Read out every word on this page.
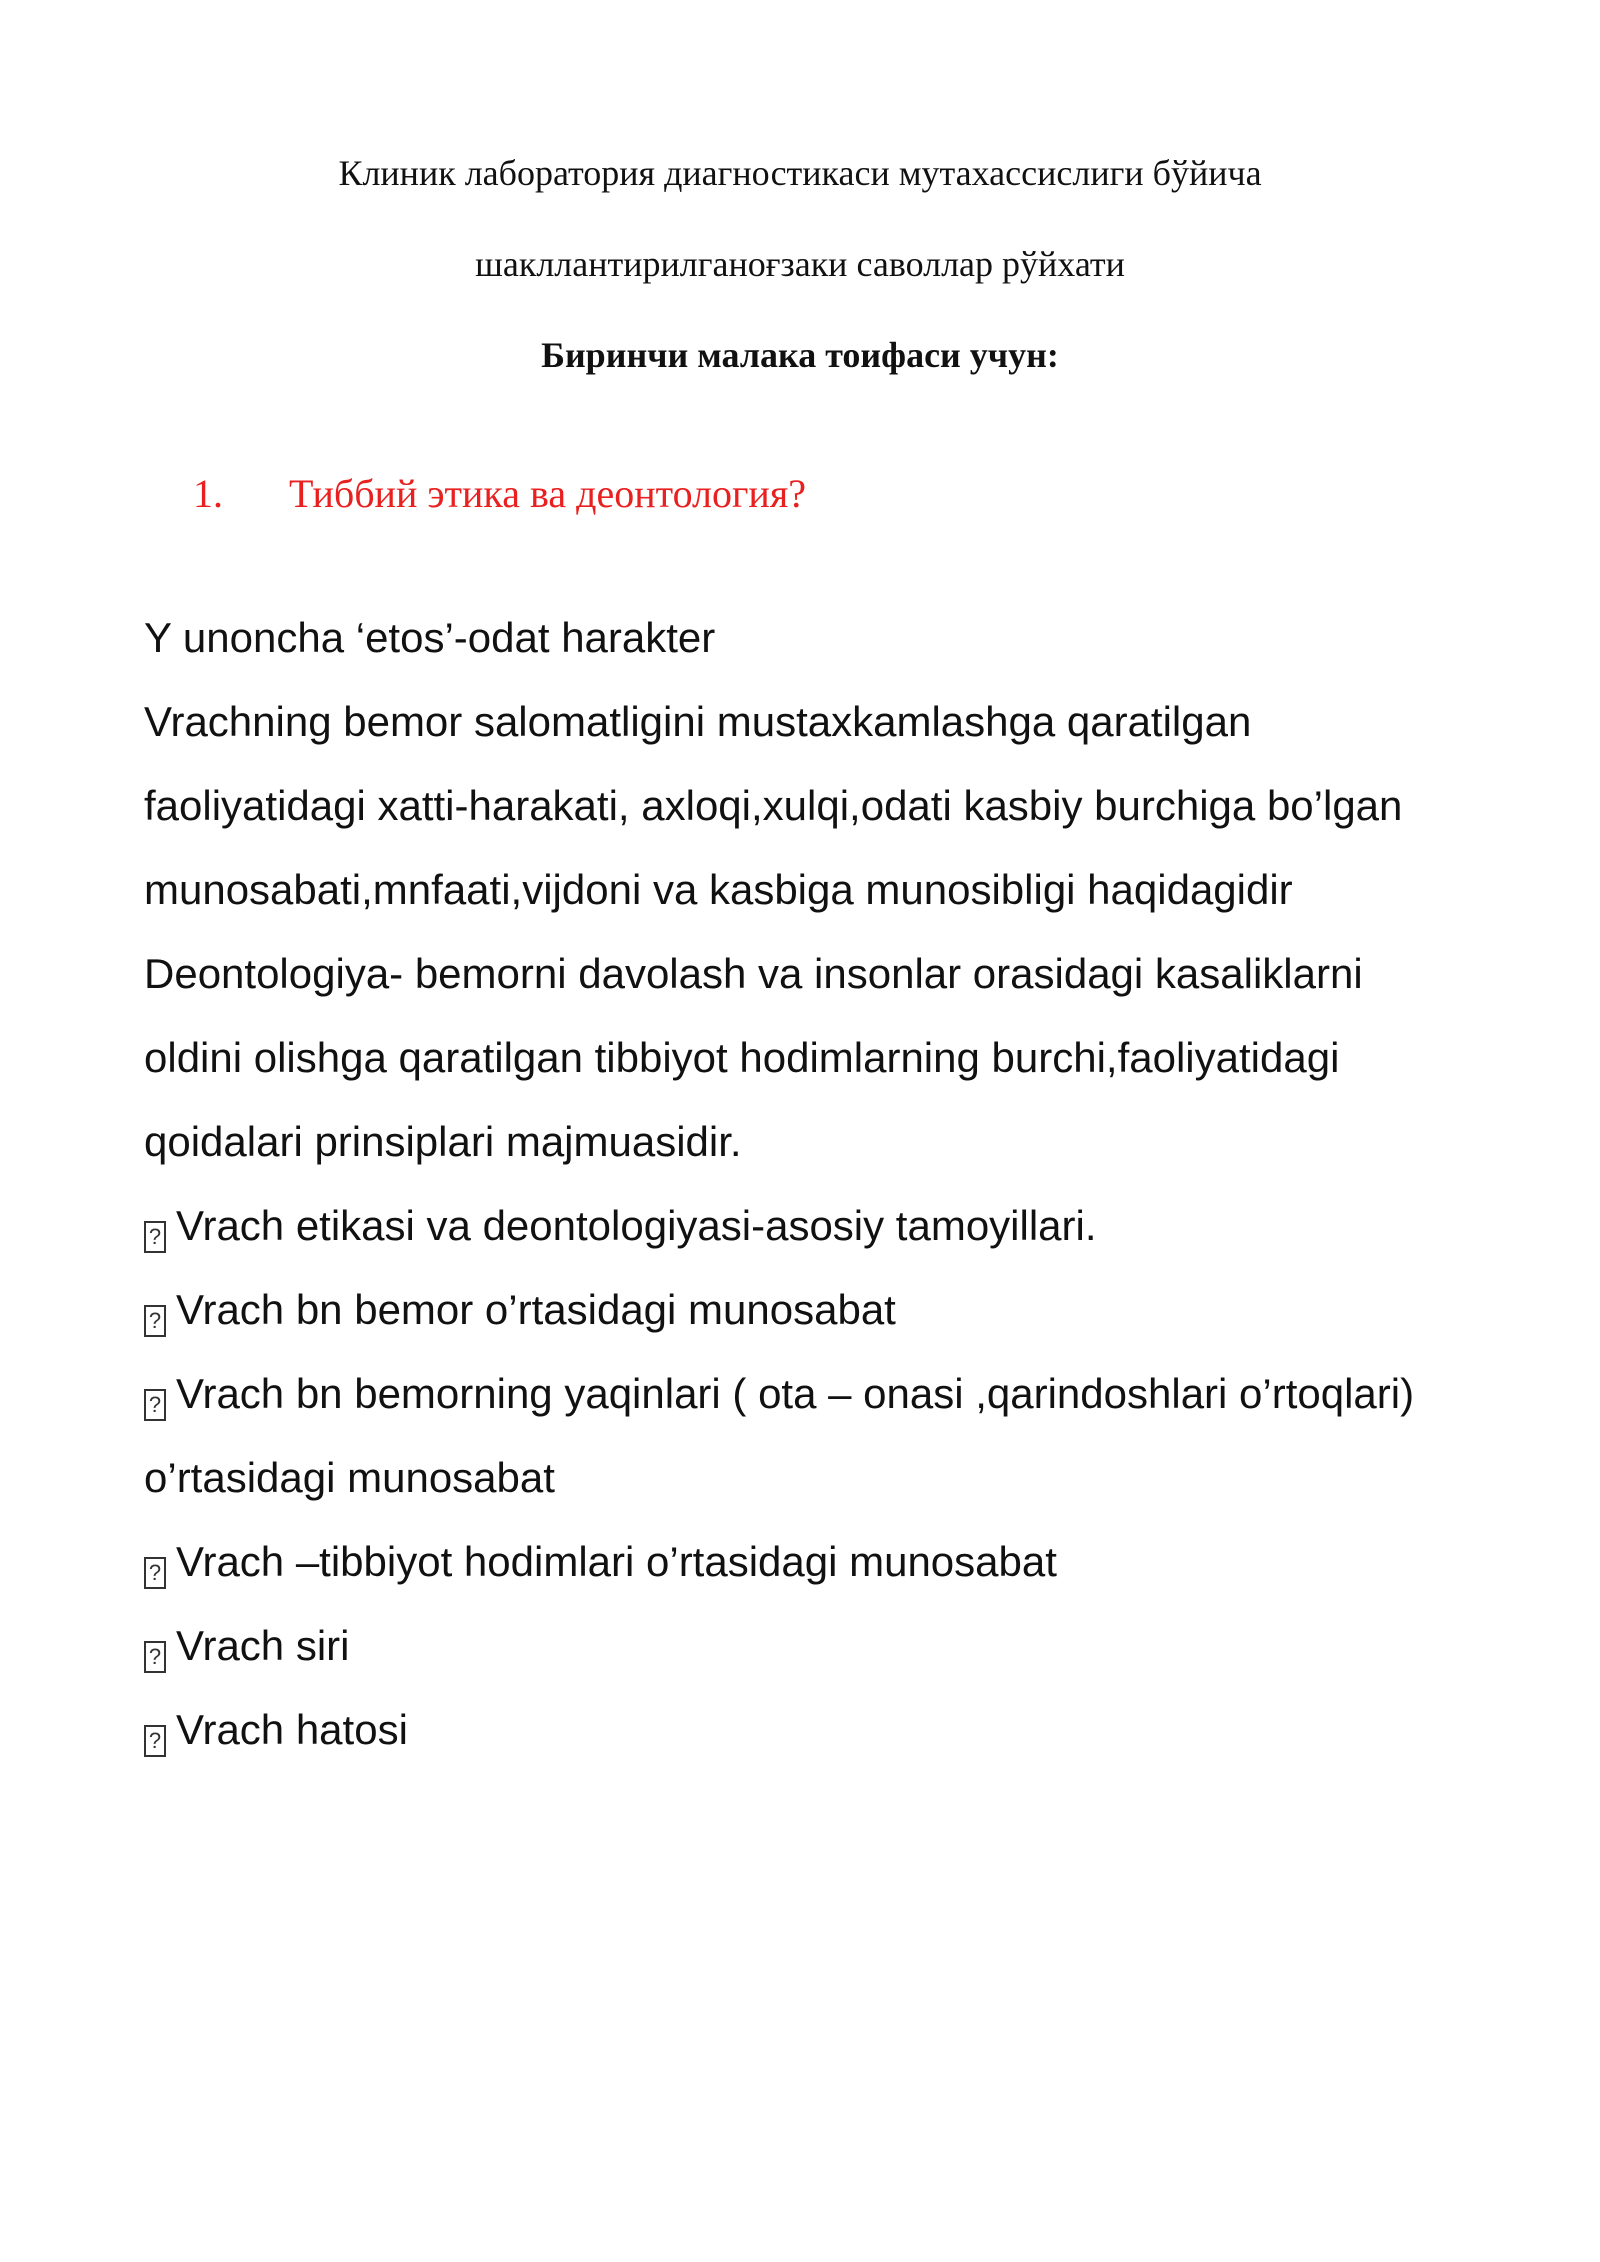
Клиник лаборатория диагностикаси мутахассислиги бўйича
шакллантирилганоғзаки саволлар рўйхати
Биринчи малака тоифаси учун:
1. Тиббий этика ва деонтология?

Y unoncha ‘etos’-odat harakter

Vrachning bemor salomatligini mustaxkamlashga qaratilgan faoliyatidagi xatti-harakati, axloqi,xulqi,odati kasbiy burchiga bo’lgan munosabati,mnfaati,vijdoni va kasbiga munosibligi haqidagidir

Deontologiya- bemorni davolash va insonlar orasidagi kasaliklarni oldini olishga qaratilgan tibbiyot hodimlarning burchi,faoliyatidagi qoidalari prinsiplari majmuasidir.

? Vrach etikasi va deontologiyasi-asosiy tamoyillari.

? Vrach bn bemor o’rtasidagi munosabat

? Vrach bn bemorning yaqinlari ( ota – onasi ,qarindoshlari o’rtoqlari) o’rtasidagi munosabat

? Vrach –tibbiyot hodimlari o’rtasidagi munosabat

? Vrach siri

? Vrach hatosi
